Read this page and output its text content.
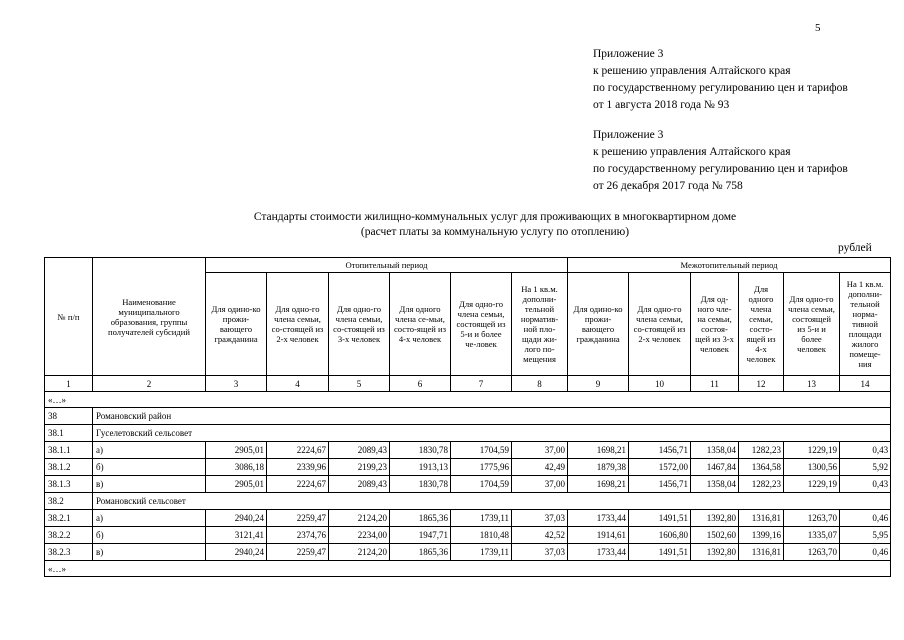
5
Приложение 3
к решению управления Алтайского края
по государственному регулированию цен и тарифов
от 1 августа 2018 года № 93
Приложение 3
к решению управления Алтайского края
по государственному регулированию цен и тарифов
от 26 декабря 2017 года № 758
Стандарты стоимости жилищно-коммунальных услуг для проживающих в многоквартирном доме
(расчет платы за коммунальную услугу по отоплению)
рублей
№ п/п	Наименование муниципального образования, группы получателей субсидий	Отопительный период						Межотопительный период					
		Для одино-ко прожи-вающего гражданина	Для одно-го члена семьи, со-стоящей из 2-х человек	Для одно-го члена семьи, со-стоящей из 3-х человек	Для одного члена се-мьи, состо-ящей из 4-х человек	Для одно-го члена семьи, состоящей из 5-и и более че-ловек	На 1 кв.м. дополни-тельной норматив-ной пло-щади жи-лого по-мещения	Для одино-ко прожи-вающего гражданина	Для одно-го члена семьи, со-стоящей из 2-х человек	Для од-ного чле-на семьи, состоя-щей из 3-х человек	Для одного члена семьи, состо-ящей из 4-х человек	Для одно-го члена семьи, состоящей из 5-и и более человек	На 1 кв.м. дополни-тельной норма-тивной площади жилого помеще-ния
1	2	3	4	5	6	7	8	9	10	11	12	13	14
«…»													
38	Романовский район												
38.1	Гуселетовский сельсовет												
38.1.1	а)	2905,01	2224,67	2089,43	1830,78	1704,59	37,00	1698,21	1456,71	1358,04	1282,23	1229,19	0,43
38.1.2	б)	3086,18	2339,96	2199,23	1913,13	1775,96	42,49	1879,38	1572,00	1467,84	1364,58	1300,56	5,92
38.1.3	в)	2905,01	2224,67	2089,43	1830,78	1704,59	37,00	1698,21	1456,71	1358,04	1282,23	1229,19	0,43
38.2	Романовский сельсовет												
38.2.1	а)	2940,24	2259,47	2124,20	1865,36	1739,11	37,03	1733,44	1491,51	1392,80	1316,81	1263,70	0,46
38.2.2	б)	3121,41	2374,76	2234,00	1947,71	1810,48	42,52	1914,61	1606,80	1502,60	1399,16	1335,07	5,95
38.2.3	в)	2940,24	2259,47	2124,20	1865,36	1739,11	37,03	1733,44	1491,51	1392,80	1316,81	1263,70	0,46
«…»													
